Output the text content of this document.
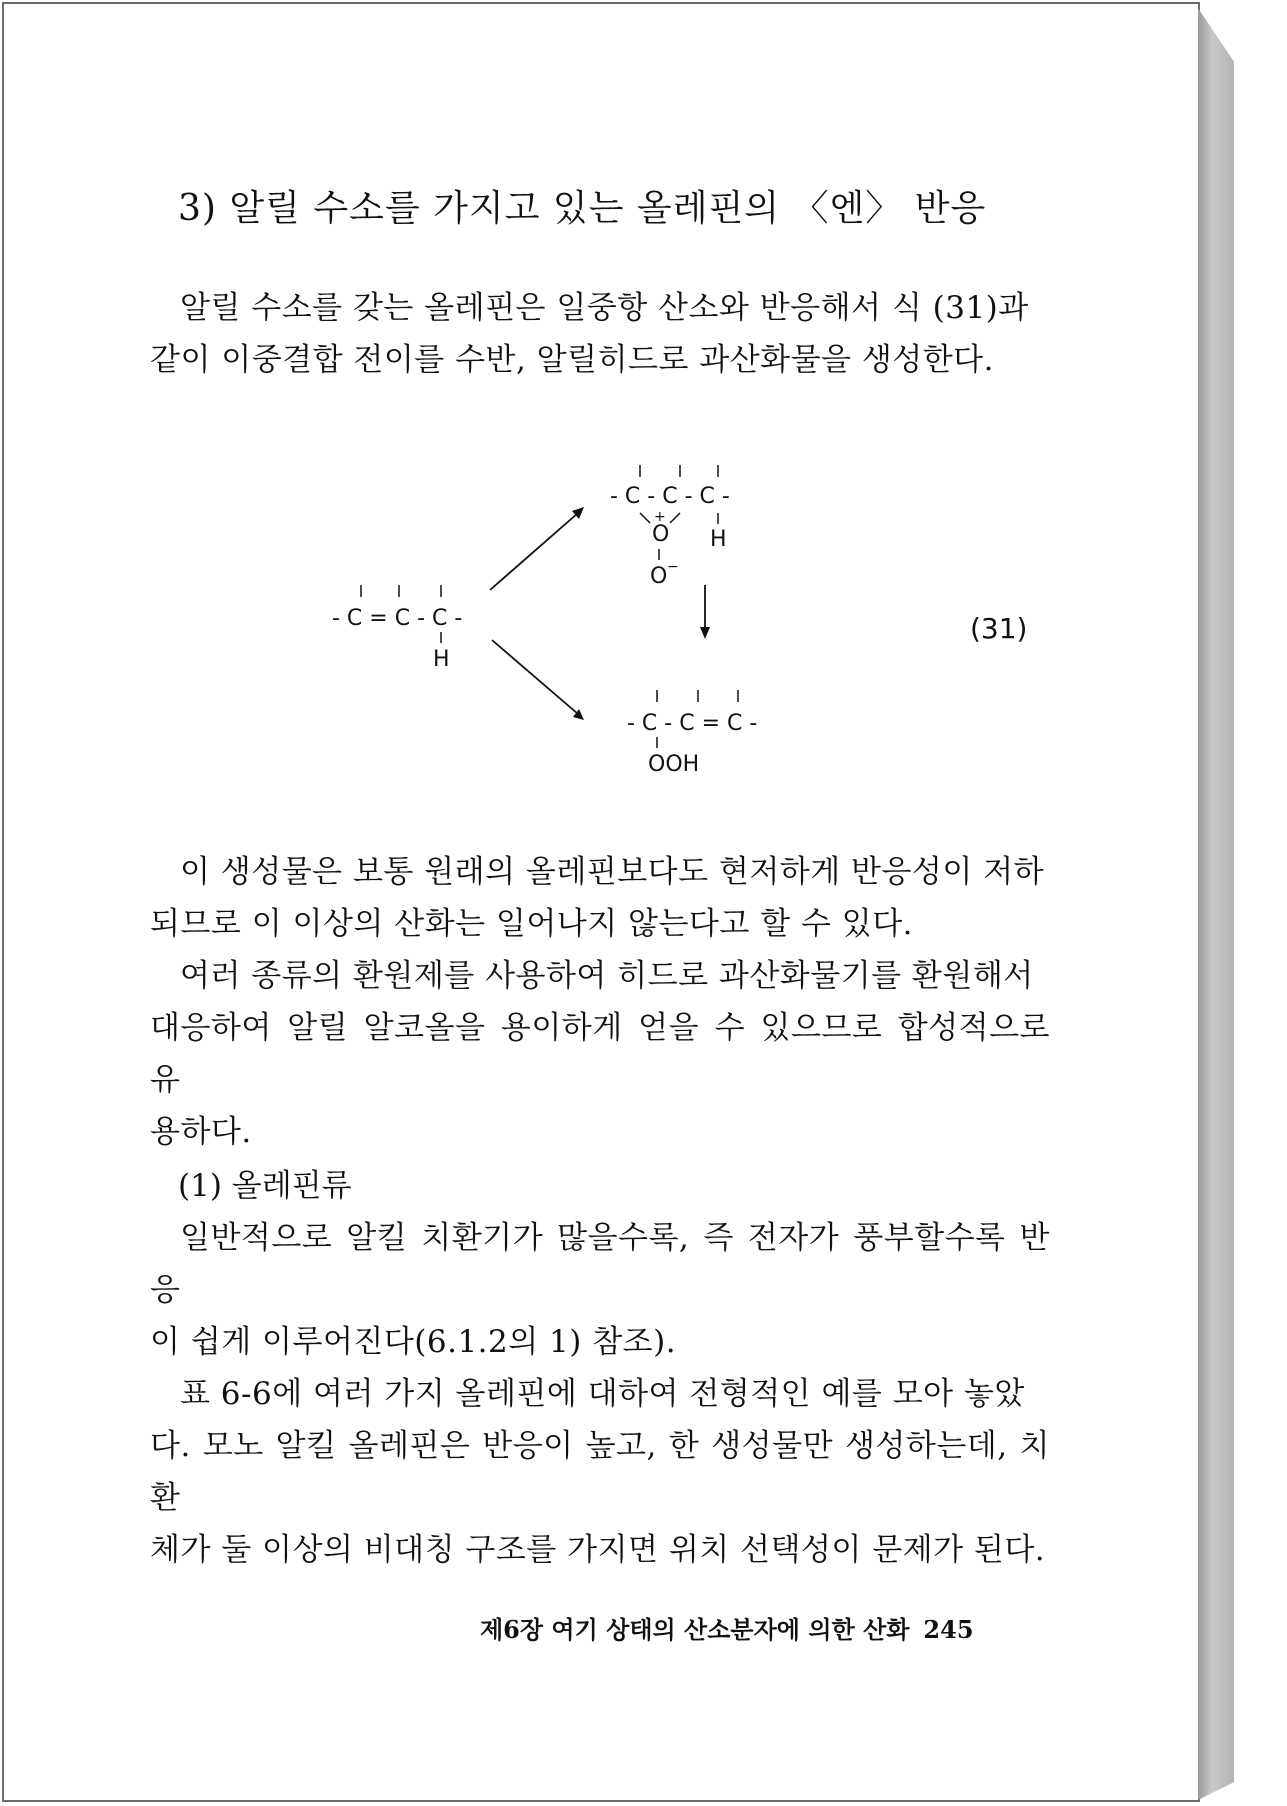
3) 알릴 수소를 가지고 있는 올레핀의 〈엔〉 반응

알릴 수소를 갖는 올레핀은 일중항 산소와 반응해서 식 (31)과

같이 이중결합 전이를 수반, 알릴히드로 과산화물을 생성한다.

- C = C - C -
H
- C - C - C -
+
O H
O −
- C - C = C -
OOH
(31)

이 생성물은 보통 원래의 올레핀보다도 현저하게 반응성이 저하

되므로 이 이상의 산화는 일어나지 않는다고 할 수 있다.

여러 종류의 환원제를 사용하여 히드로 과산화물기를 환원해서

대응하여 알릴 알코올을 용이하게 얻을 수 있으므로 합성적으로 유

용하다.

(1) 올레핀류

일반적으로 알킬 치환기가 많을수록, 즉 전자가 풍부할수록 반응

이 쉽게 이루어진다(6.1.2의 1) 참조).

표 6-6에 여러 가지 올레핀에 대하여 전형적인 예를 모아 놓았

다. 모노 알킬 올레핀은 반응이 높고, 한 생성물만 생성하는데, 치환

체가 둘 이상의 비대칭 구조를 가지면 위치 선택성이 문제가 된다.

제6장 여기 상태의 산소분자에 의한 산화 245
